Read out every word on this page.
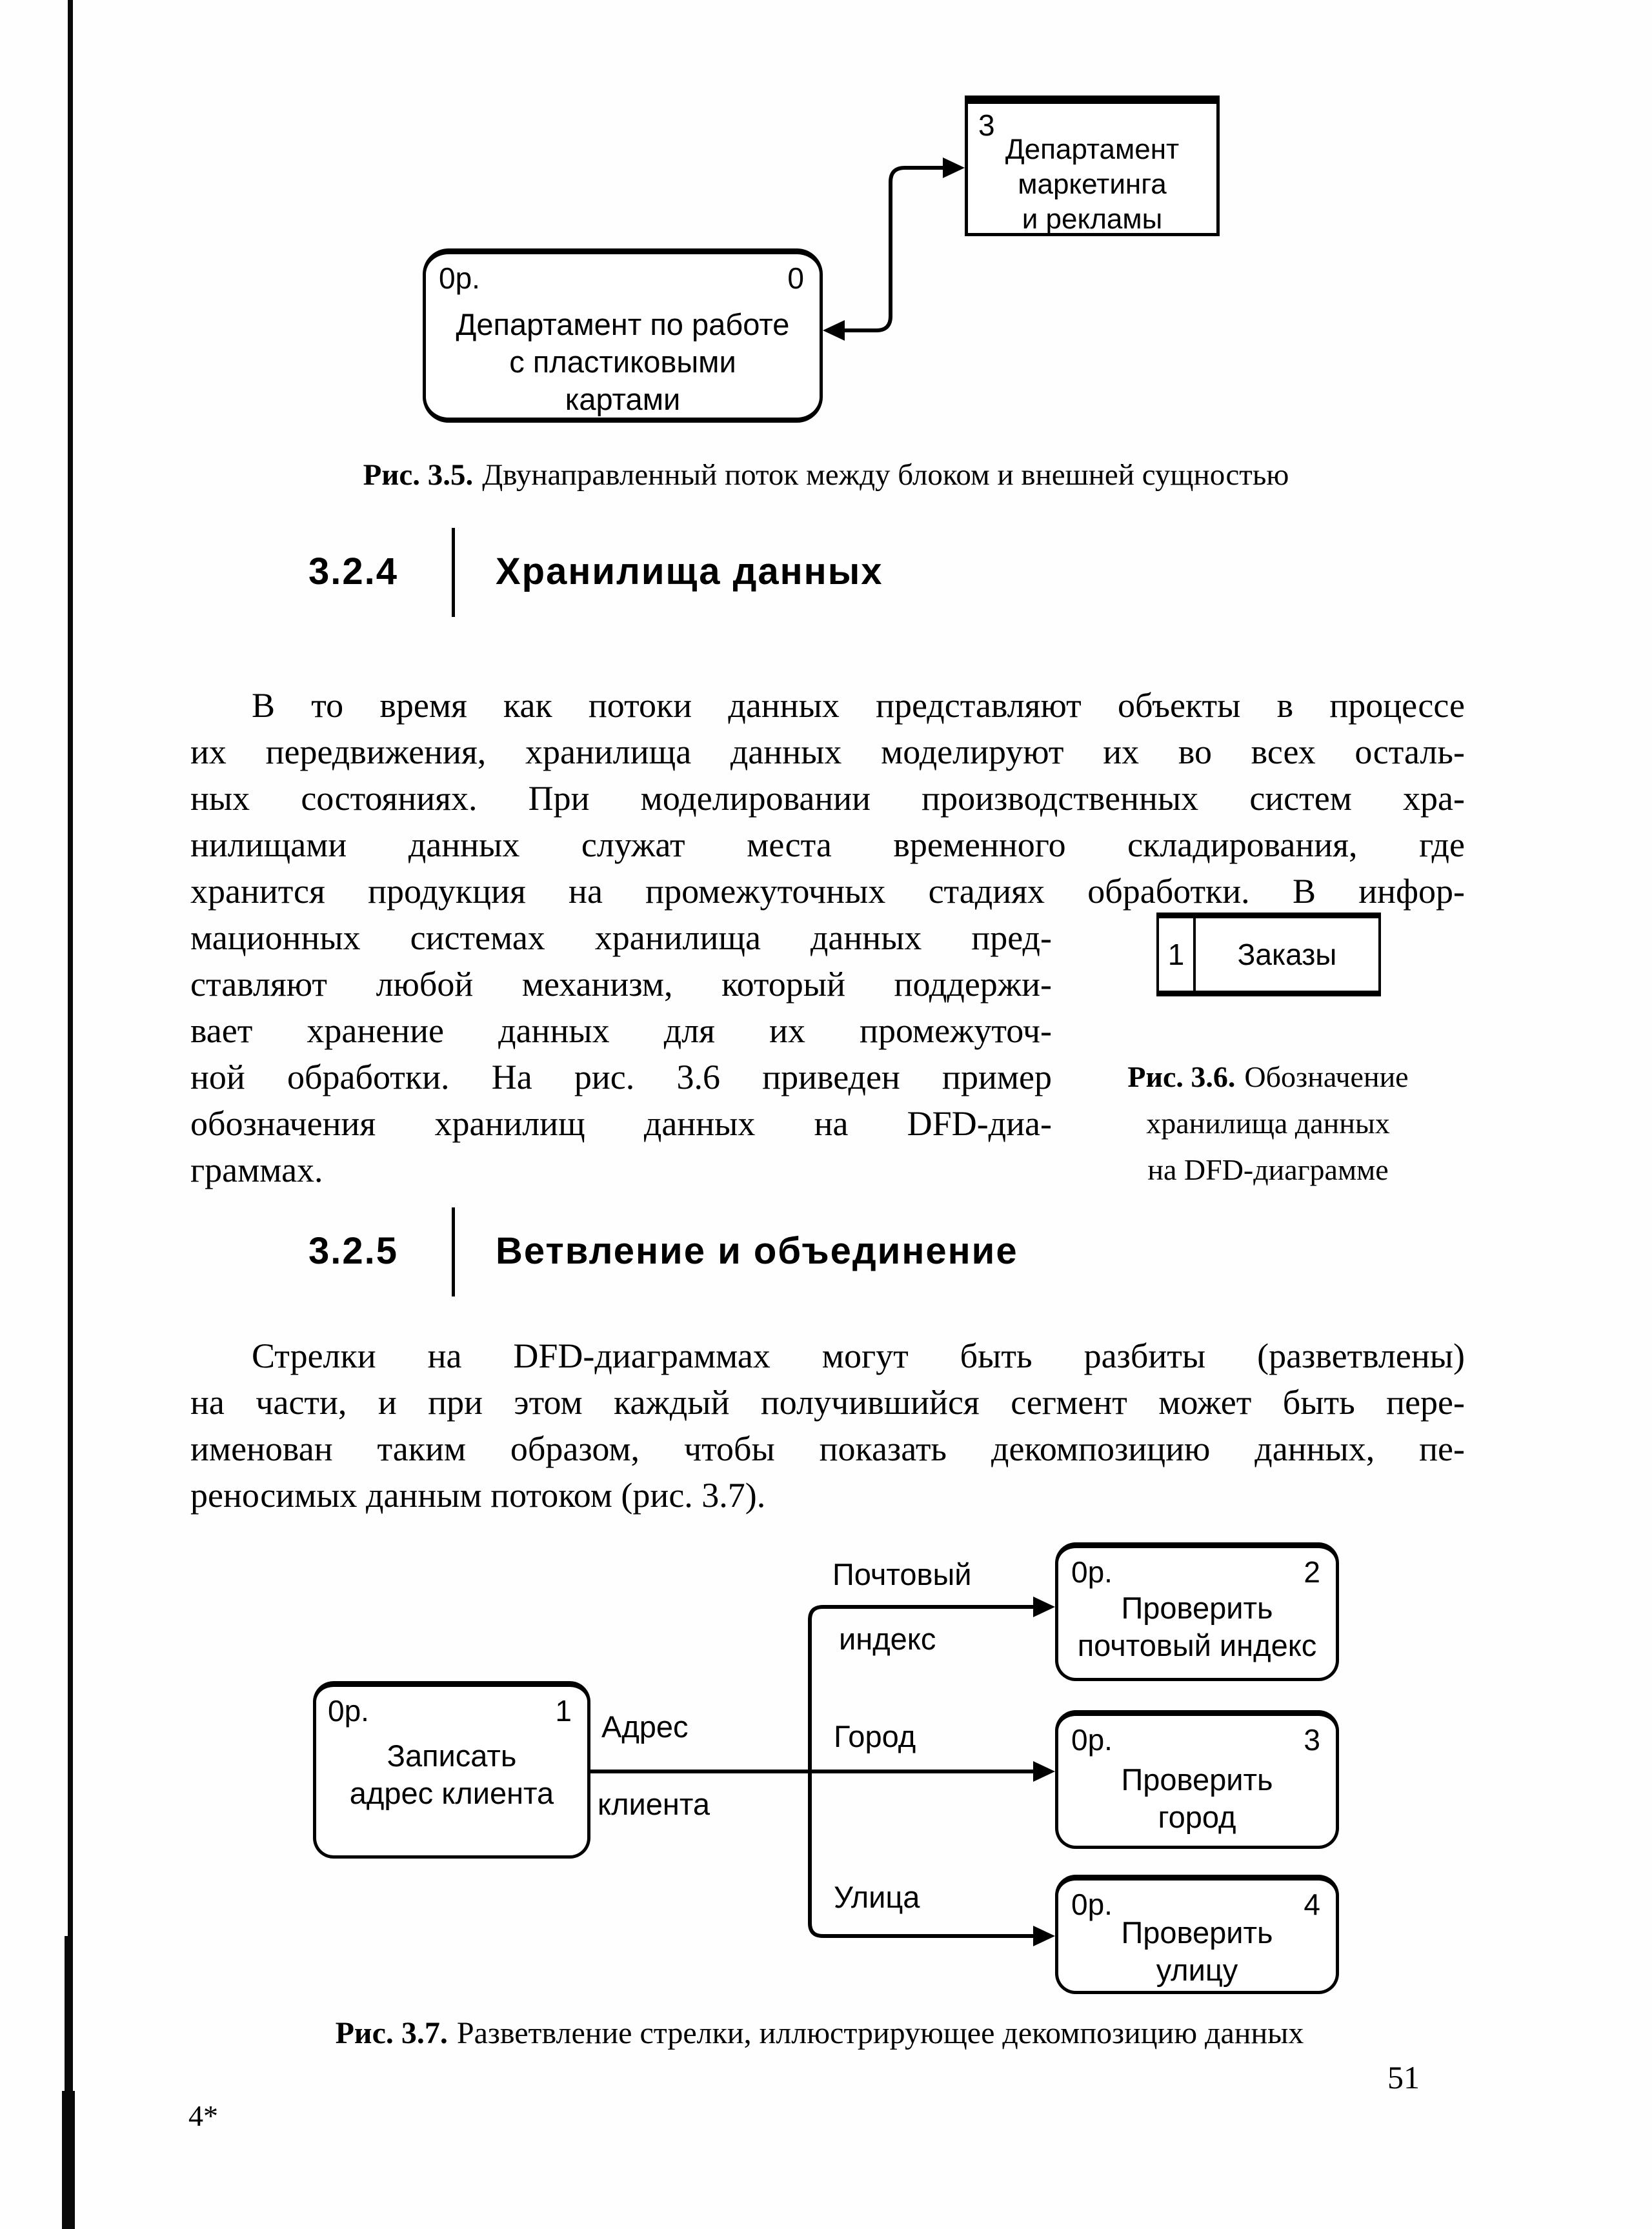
3
Департамент
маркетинга
и рекламы
0р.	0
Департамент по работе
с пластиковыми
картами
Рис. 3.5. Двунаправленный поток между блоком и внешней сущностью
3.2.4	Хранилища данных
В то время как потоки данных представляют объекты в процессе
их передвижения, хранилища данных моделируют их во всех осталь-
ных состояниях. При моделировании производственных систем хра-
нилищами данных служат места временного складирования, где
хранится продукция на промежуточных стадиях обработки. В инфор-
мационных системах хранилища данных пред-
ставляют любой механизм, который поддержи-
вает хранение данных для их промежуточ-
ной обработки. На рис. 3.6 приведен пример
обозначения хранилищ данных на DFD-диа-
граммах.
1	Заказы
Рис. 3.6. Обозначение
хранилища данных
на DFD-диаграмме
3.2.5	Ветвление и объединение
Стрелки на DFD-диаграммах могут быть разбиты (разветвлены)
на части, и при этом каждый получившийся сегмент может быть пере-
именован таким образом, чтобы показать декомпозицию данных, пе-
реносимых данным потоком (рис. 3.7).
0р.	1
Записать
адрес клиента
0р.	2
Проверить
почтовый индекс
0р.	3
Проверить
город
0р.	4
Проверить
улицу
Адрес
клиента
Почтовый
индекс
Город
Улица
Рис. 3.7. Разветвление стрелки, иллюстрирующее декомпозицию данных
51
4*
